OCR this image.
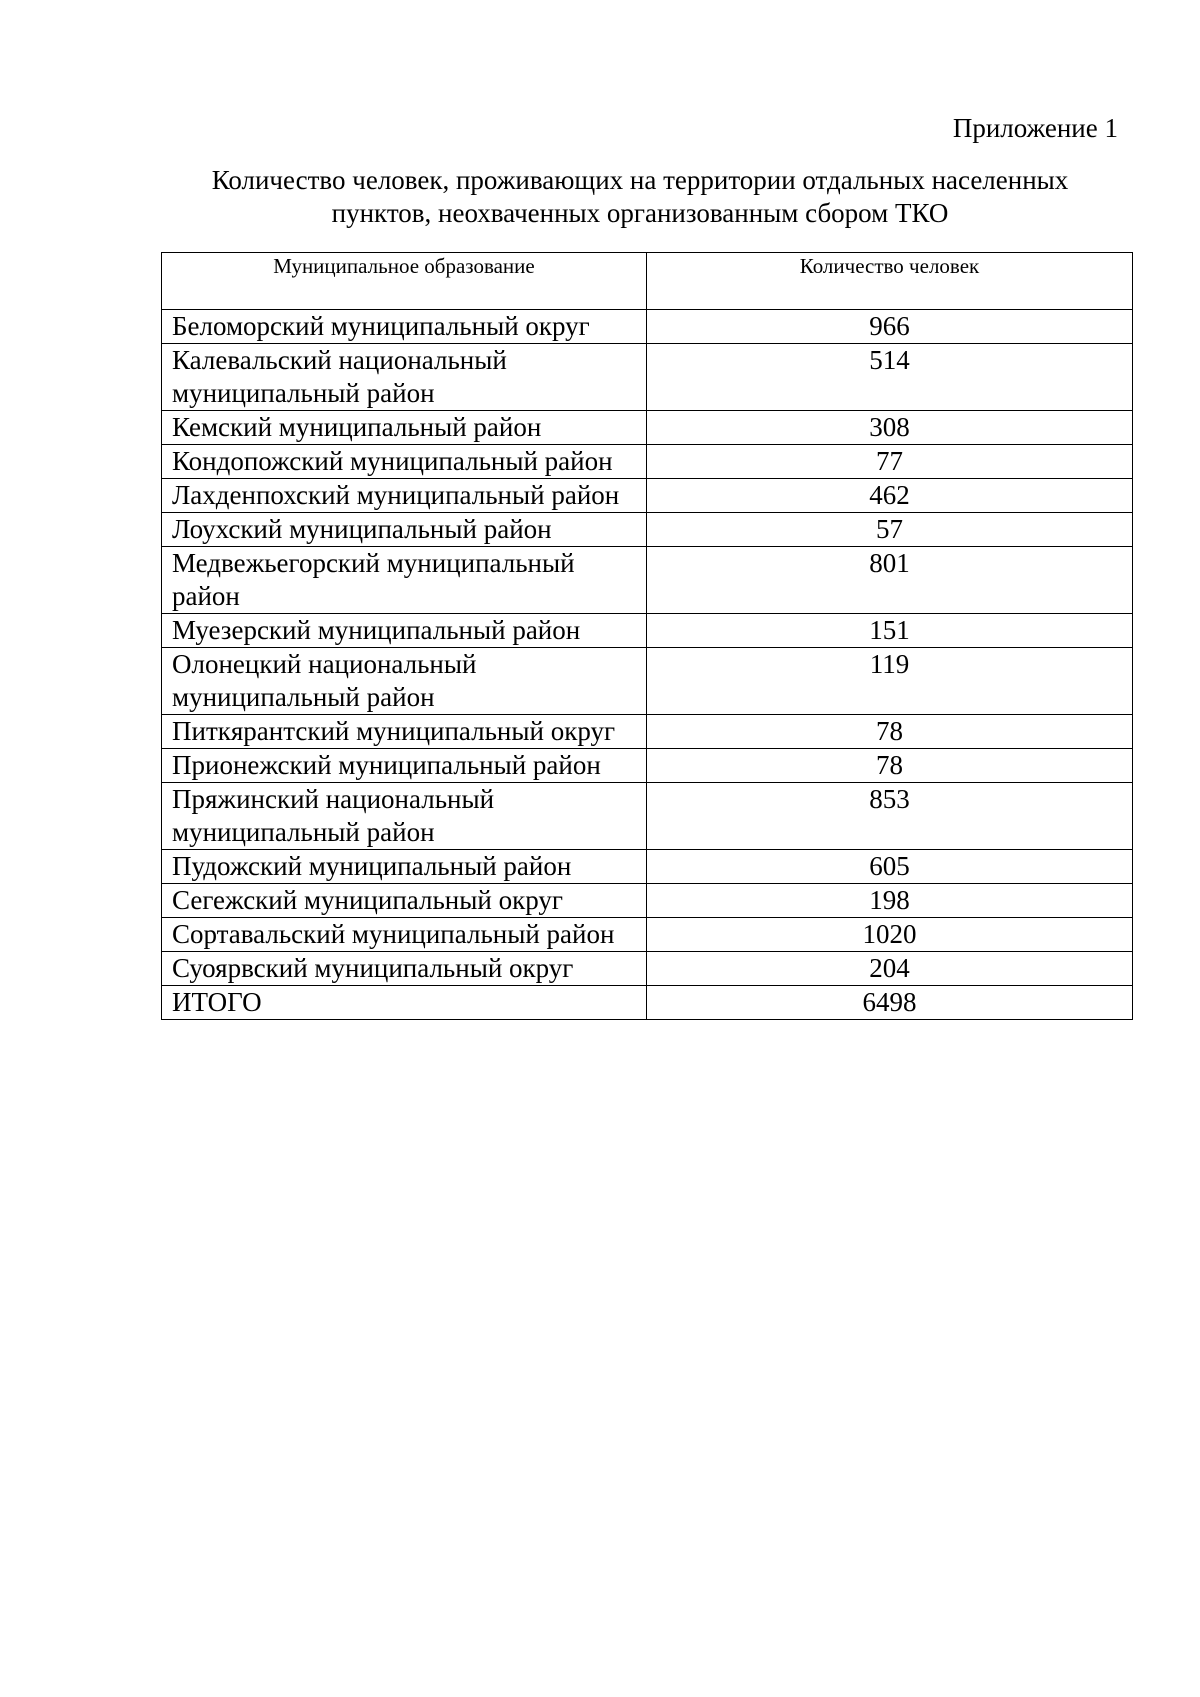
Приложение 1
Количество человек, проживающих на территории отдальных населенных
пунктов, неохваченных организованным сбором ТКО
Муниципальное образование	Количество человек
Беломорский муниципальный округ	966
Калевальский национальный муниципальный район	514
Кемский муниципальный район	308
Кондопожский муниципальный район	77
Лахденпохский муниципальный район	462
Лоухский муниципальный район	57
Медвежьегорский муниципальный район	801
Муезерский муниципальный район	151
Олонецкий национальный муниципальный район	119
Питкярантский муниципальный округ	78
Прионежский муниципальный район	78
Пряжинский национальный муниципальный район	853
Пудожский муниципальный район	605
Сегежский муниципальный округ	198
Сортавальский муниципальный район	1020
Суоярвский муниципальный округ	204
ИТОГО	6498
